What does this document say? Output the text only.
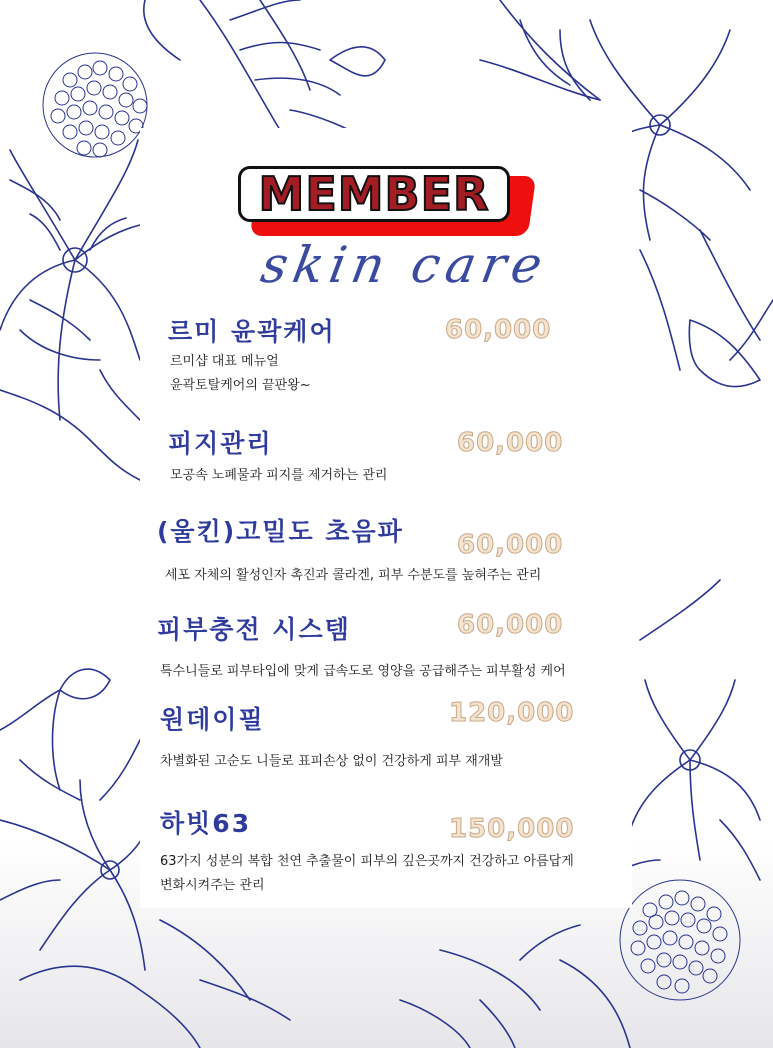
MEMBER
skin care
르미 윤곽케어	60,000
르미샵 대표 메뉴얼
윤곽토탈케어의 끝판왕~
피지관리	60,000
모공속 노폐물과 피지를 제거하는 관리
(울킨)고밀도 초음파 60,000
세포 자체의 활성인자 촉진과 콜라겐, 피부 수분도를 높혀주는 관리
피부충전 시스템	60,000
특수니들로 피부타입에 맞게 급속도로 영양을 공급해주는 피부활성 케어
원데이필	120,000
차별화된 고순도 니들로 표피손상 없이 건강하게 피부 재개발
하빗63	150,000
63가지 성분의 복합 천연 추출물이 피부의 깊은곳까지 건강하고 아름답게
변화시켜주는 관리
